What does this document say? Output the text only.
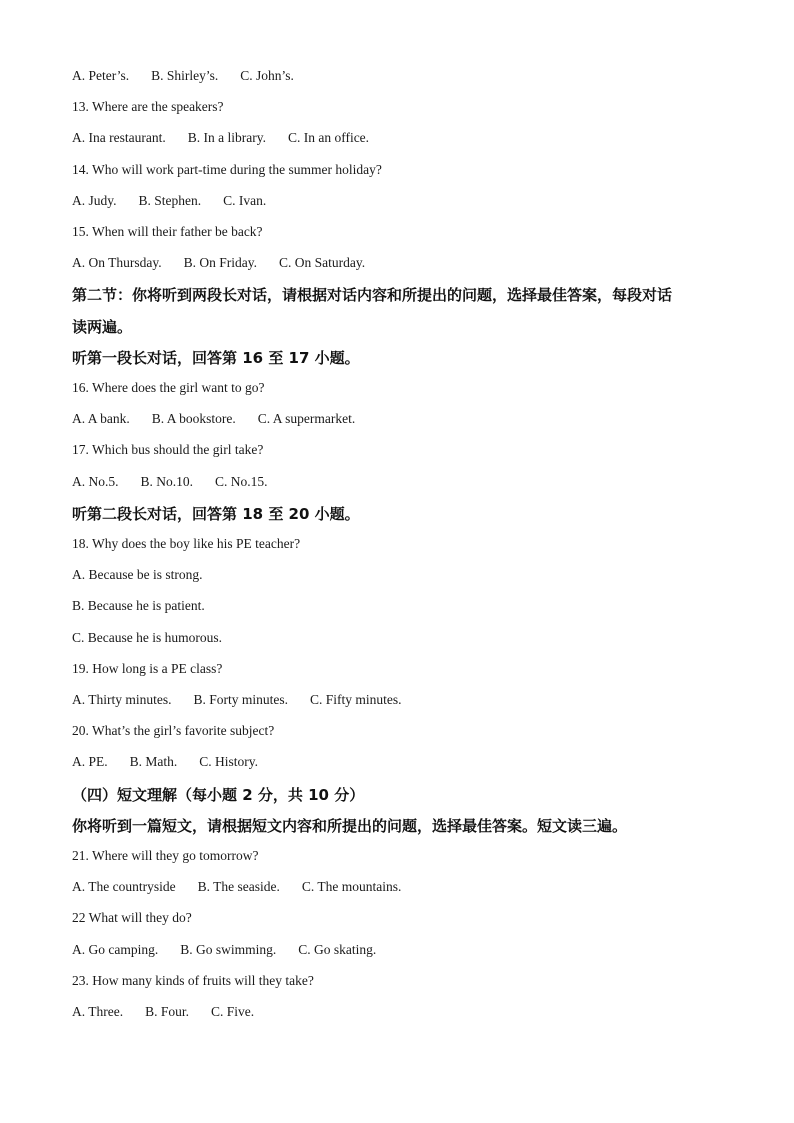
A. Peter’s. B. Shirley’s. C. John’s.
13. Where are the speakers?
A. Ina restaurant. B. In a library. C. In an office.
14. Who will work part-time during the summer holiday?
A. Judy. B. Stephen. C. Ivan.
15. When will their father be back?
A. On Thursday. B. On Friday. C. On Saturday.
第二节：你将听到两段长对话，请根据对话内容和所提出的问题，选择最佳答案，每段对话
读两遍。
听第一段长对话，回答第 16 至 17 小题。
16. Where does the girl want to go?
A. A bank. B. A bookstore. C. A supermarket.
17. Which bus should the girl take?
A. No.5. B. No.10. C. No.15.
听第二段长对话，回答第 18 至 20 小题。
18. Why does the boy like his PE teacher?
A. Because be is strong.
B. Because he is patient.
C. Because he is humorous.
19. How long is a PE class?
A. Thirty minutes. B. Forty minutes. C. Fifty minutes.
20. What’s the girl’s favorite subject?
A. PE. B. Math. C. History.
（四）短文理解（每小题 2 分，共 10 分）
你将听到一篇短文，请根据短文内容和所提出的问题，选择最佳答案。短文读三遍。
21. Where will they go tomorrow?
A. The countryside B. The seaside. C. The mountains.
22 What will they do?
A. Go camping. B. Go swimming. C. Go skating.
23. How many kinds of fruits will they take?
A. Three. B. Four. C. Five.
